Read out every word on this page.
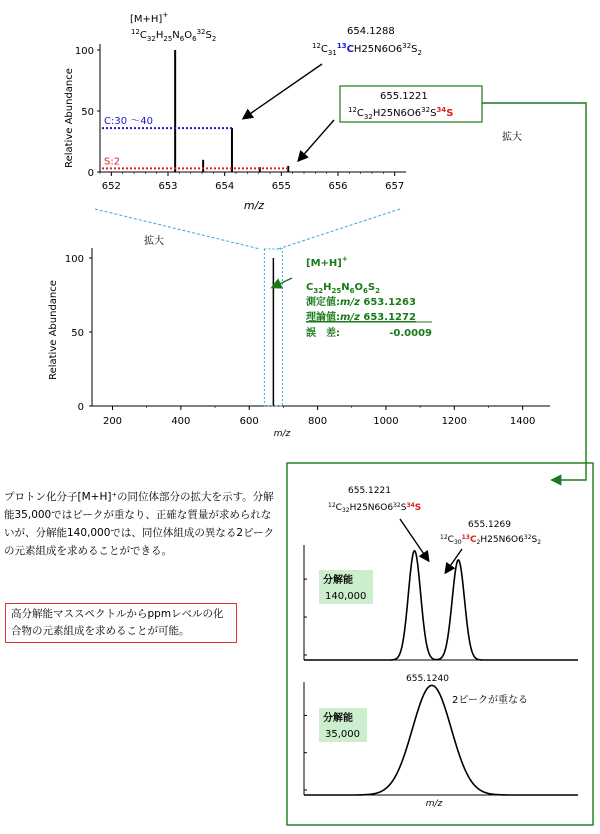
100
50
0
652	653	654	655	656	657
C:30 〜40
S:2
Relative Abundance
m/z
[M+H]+
$^{12}C_{32}H_{25}N_6O_6^{32}S_2$
654.1288
$^{12}C_{31}^{13}CH25N6O6^{32}S_2$
655.1221
$^{12}C_{32}H25N6O6^{32}S^{34}S$
拡大
拡大
100
50
0
200	400	600	800	1000	1200	1400
Relative Abundance
m/z
[M+H]+
$C_{32}H_{25}N_6O_6S_2$
測定値:m/z 653.1263
理論値:m/z 653.1272
誤　差:	-0.0009
655.1221
$^{12}C_{32}H25N6O6^{32}S^{34}S$
655.1269
$^{12}C_{30}^{13}C_2H25N6O6^{32}S_2$
分解能
140,000
655.1240
2ピークが重なる
分解能
35,000
m/z
プロトン化分子[M+H]⁺の同位体部分の拡大を示す。分解能35,000ではピークが重なり、正確な質量が求められないが、分解能140,000では、同位体組成の異なる2ピークの元素組成を求めることができる。
高分解能マススペクトルからppmレベルの化合物の元素組成を求めることが可能。
